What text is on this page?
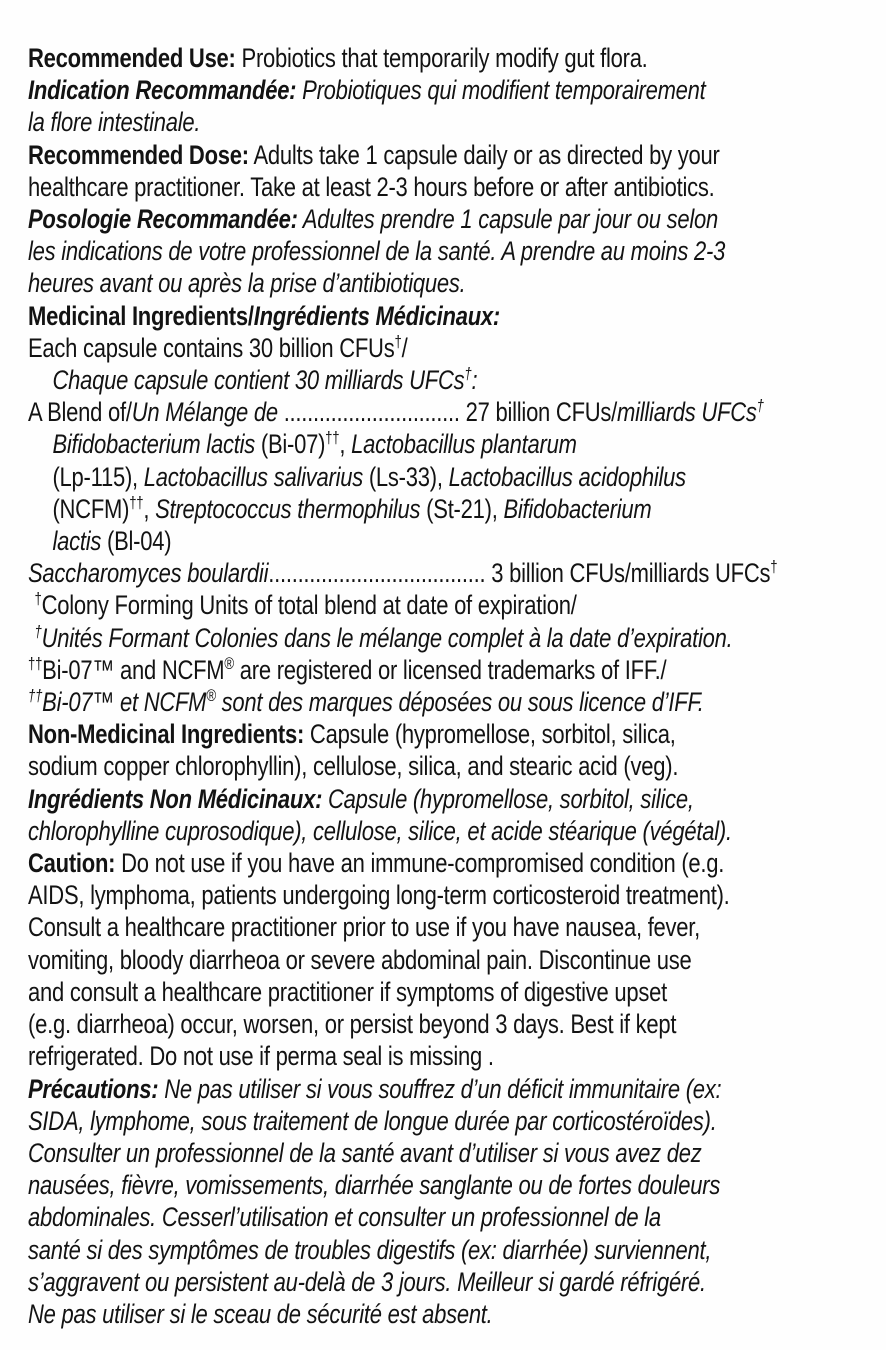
Recommended Use: Probiotics that temporarily modify gut flora.
Indication Recommandée: Probiotiques qui modifient temporairement
la flore intestinale.
Recommended Dose: Adults take 1 capsule daily or as directed by your
healthcare practitioner. Take at least 2-3 hours before or after antibiotics.
Posologie Recommandée: Adultes prendre 1 capsule par jour ou selon
les indications de votre professionnel de la santé. A prendre au moins 2-3
heures avant ou après la prise d’antibiotiques.
Medicinal Ingredients/Ingrédients Médicinaux:
Each capsule contains 30 billion CFUs†/
Chaque capsule contient 30 milliards UFCs†:
A Blend of/Un Mélange de .............................. 27 billion CFUs/milliards UFCs†
Bifidobacterium lactis (Bi-07)††, Lactobacillus plantarum
(Lp-115), Lactobacillus salivarius (Ls-33), Lactobacillus acidophilus
(NCFM)††, Streptococcus thermophilus (St-21), Bifidobacterium
lactis (Bl-04)
Saccharomyces boulardii..................................... 3 billion CFUs/milliards UFCs†
†Colony Forming Units of total blend at date of expiration/
†Unités Formant Colonies dans le mélange complet à la date d’expiration.
††Bi-07™ and NCFM® are registered or licensed trademarks of IFF./
††Bi-07™ et NCFM® sont des marques déposées ou sous licence d’IFF.
Non-Medicinal Ingredients: Capsule (hypromellose, sorbitol, silica,
sodium copper chlorophyllin), cellulose, silica, and stearic acid (veg).
Ingrédients Non Médicinaux: Capsule (hypromellose, sorbitol, silice,
chlorophylline cuprosodique), cellulose, silice, et acide stéarique (végétal).
Caution: Do not use if you have an immune-compromised condition (e.g.
AIDS, lymphoma, patients undergoing long-term corticosteroid treatment).
Consult a healthcare practitioner prior to use if you have nausea, fever,
vomiting, bloody diarrheoa or severe abdominal pain. Discontinue use
and consult a healthcare practitioner if symptoms of digestive upset
(e.g. diarrheoa) occur, worsen, or persist beyond 3 days. Best if kept
refrigerated. Do not use if perma seal is missing .
Précautions: Ne pas utiliser si vous souffrez d’un déficit immunitaire (ex:
SIDA, lymphome, sous traitement de longue durée par corticostéroïdes).
Consulter un professionnel de la santé avant d’utiliser si vous avez dez
nausées, fièvre, vomissements, diarrhée sanglante ou de fortes douleurs
abdominales. Cesserl’utilisation et consulter un professionnel de la
santé si des symptômes de troubles digestifs (ex: diarrhée) surviennent,
s’aggravent ou persistent au-delà de 3 jours. Meilleur si gardé réfrigéré.
Ne pas utiliser si le sceau de sécurité est absent.
